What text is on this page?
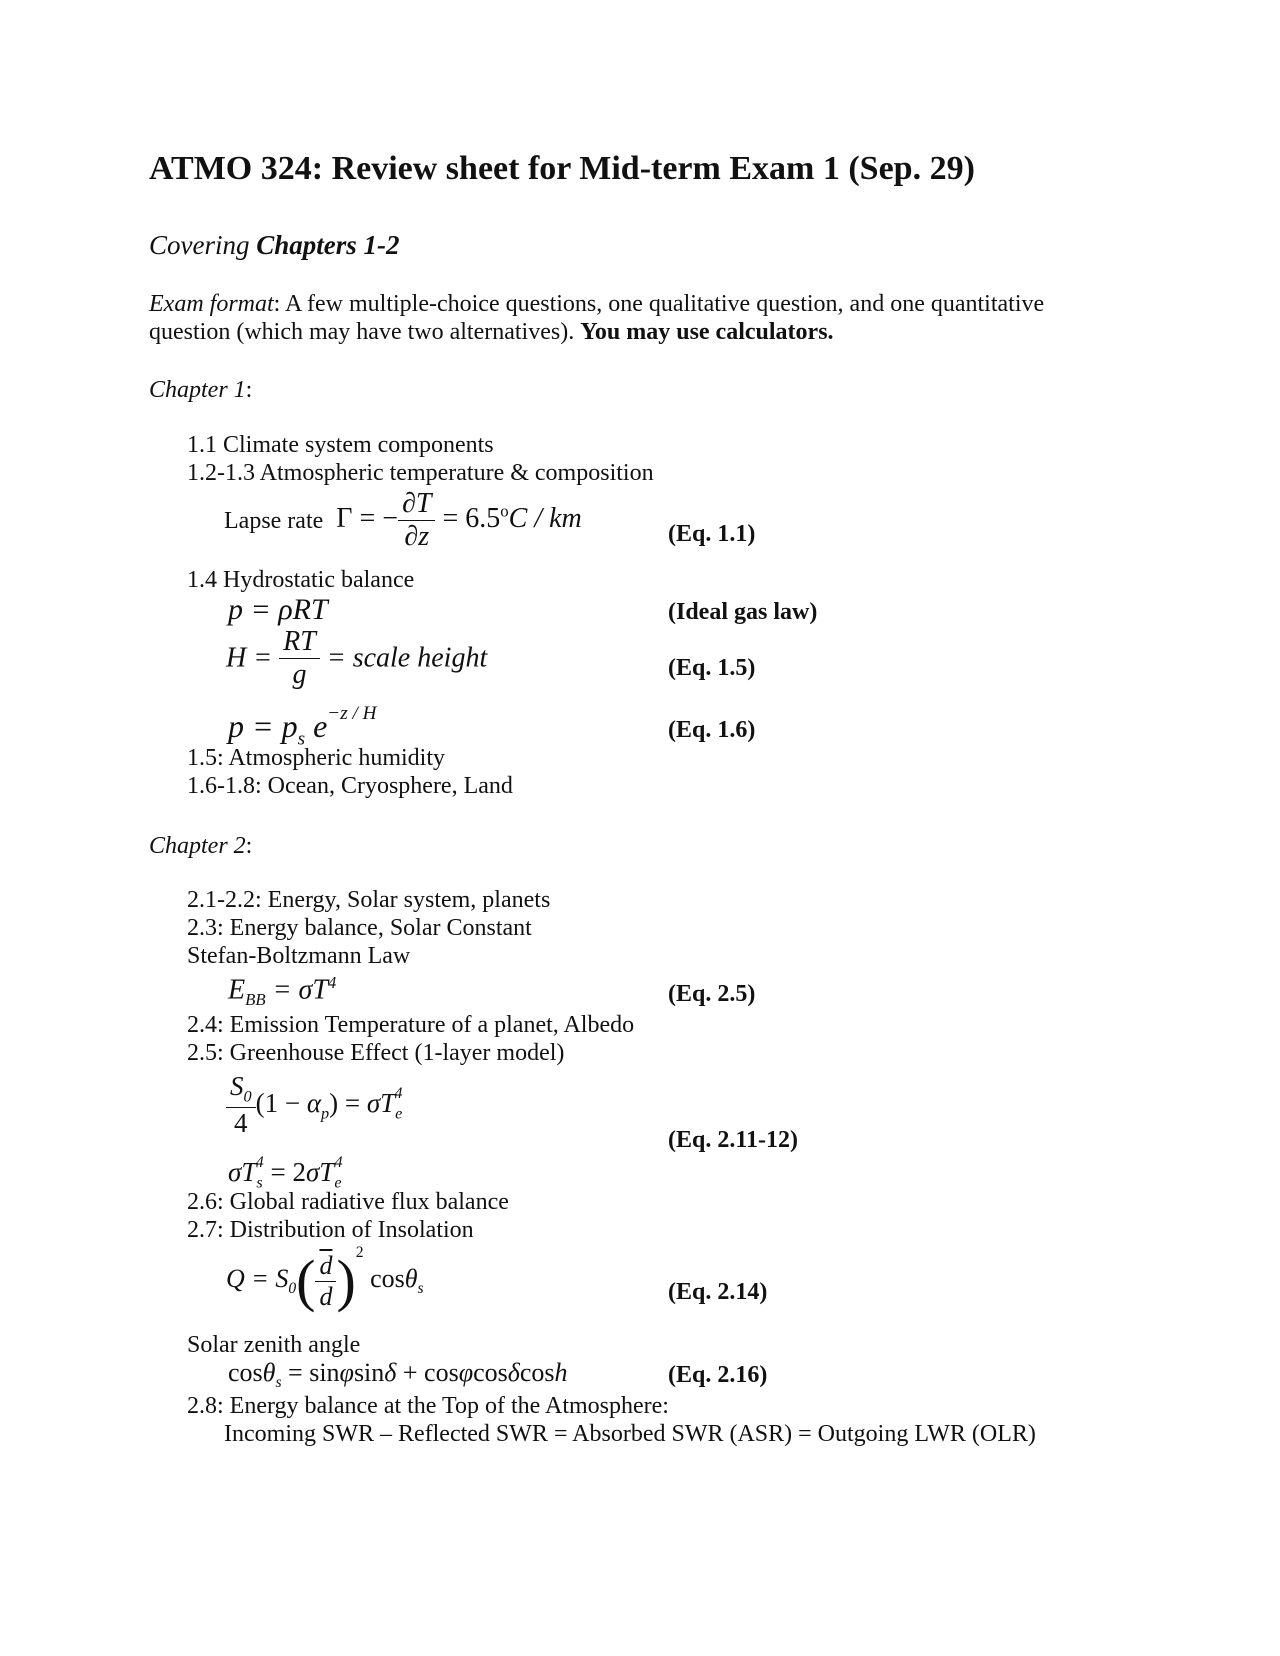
ATMO 324: Review sheet for Mid-term Exam 1 (Sep. 29)
Covering Chapters 1-2
Exam format: A few multiple-choice questions, one qualitative question, and one quantitative
question (which may have two alternatives). You may use calculators.
Chapter 1:
1.1 Climate system components
1.2-1.3 Atmospheric temperature & composition
Lapse rate  Γ = − $\frac{\partial T}{\partial z} = 6.5^oC$ / km
(Eq. 1.1)
1.4 Hydrostatic balance
p = ρRT	(Ideal gas law)
$H = \frac{RT}{g}$ = scale height	(Eq. 1.5)
$p = p_s$ $e^{-z / H}$
(Eq. 1.6)
1.5: Atmospheric humidity
1.6-1.8: Ocean, Cryosphere, Land
Chapter 2:
2.1-2.2: Energy, Solar system, planets
2.3: Energy balance, Solar Constant
Stefan-Boltzmann Law
$E_{BB} = \sigma T^4$	(Eq. 2.5)
2.4: Emission Temperature of a planet, Albedo
2.5: Greenhouse Effect (1-layer model)
$\frac{S_0}{4} (1 - \alpha_p) = \sigma T_e^4$
(Eq. 2.11-12)
$\sigma T_s^4 = 2\sigma T_e^4$
2.6: Global radiative flux balance
2.7: Distribution of Insolation
$Q = S_0( \frac{\overline{d}}{d} )^2$ cosθ$_s$	(Eq. 2.14)
Solar zenith angle
cosθ$_s$ = sinφsinδ + cosφcosδcosh	(Eq. 2.16)
2.8: Energy balance at the Top of the Atmosphere:
Incoming SWR – Reflected SWR = Absorbed SWR (ASR) = Outgoing LWR (OLR)
